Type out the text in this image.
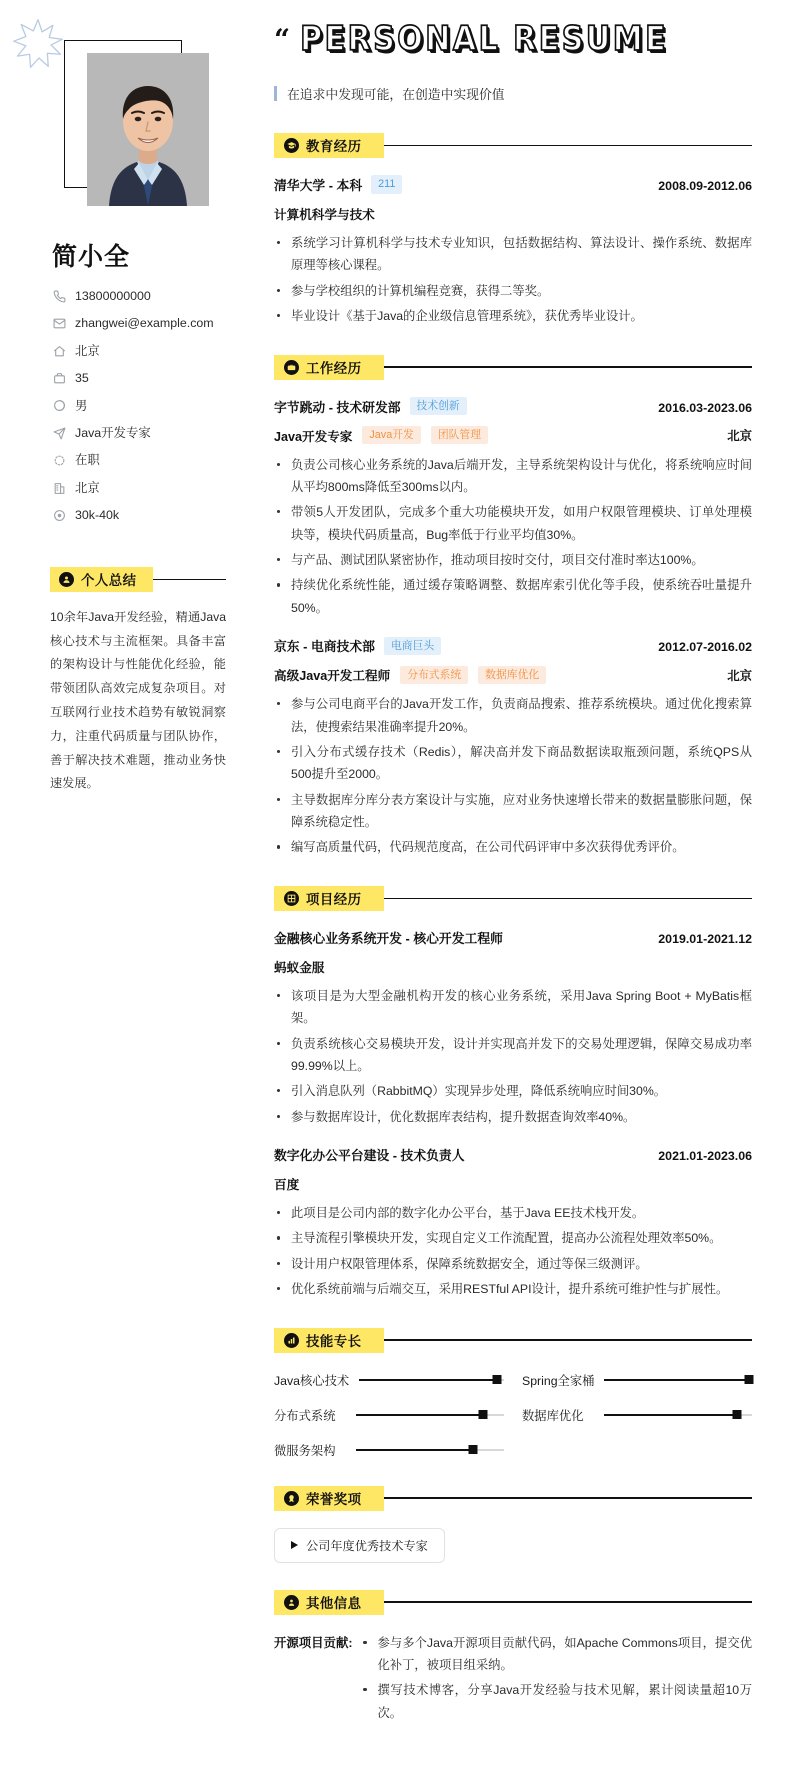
简小全
13800000000
zhangwei@example.com
北京
35
男
Java开发专家
在职
北京
30k-40k
个人总结

10余年Java开发经验，精通Java核心技术与主流框架。具备丰富的架构设计与性能优化经验，能带领团队高效完成复杂项目。对互联网行业技术趋势有敏锐洞察力，注重代码质量与团队协作，善于解决技术难题，推动业务快速发展。

“ PERSONAL RESUME
在追求中发现可能，在创造中实现价值
教育经历
清华大学 - 本科	211	2008.09-2012.06
计算机科学与技术
系统学习计算机科学与技术专业知识，包括数据结构、算法设计、操作系统、数据库原理等核心课程。
参与学校组织的计算机编程竞赛，获得二等奖。
毕业设计《基于Java的企业级信息管理系统》，获优秀毕业设计。
工作经历
字节跳动 - 技术研发部	技术创新	2016.03-2023.06
Java开发专家	Java开发	团队管理	北京
负责公司核心业务系统的Java后端开发，主导系统架构设计与优化，将系统响应时间从平均800ms降低至300ms以内。
带领5人开发团队，完成多个重大功能模块开发，如用户权限管理模块、订单处理模块等，模块代码质量高，Bug率低于行业平均值30%。
与产品、测试团队紧密协作，推动项目按时交付，项目交付准时率达100%。
持续优化系统性能，通过缓存策略调整、数据库索引优化等手段，使系统吞吐量提升50%。
京东 - 电商技术部	电商巨头	2012.07-2016.02
高级Java开发工程师	分布式系统	数据库优化	北京
参与公司电商平台的Java开发工作，负责商品搜索、推荐系统模块。通过优化搜索算法，使搜索结果准确率提升20%。
引入分布式缓存技术（Redis），解决高并发下商品数据读取瓶颈问题，系统QPS从500提升至2000。
主导数据库分库分表方案设计与实施，应对业务快速增长带来的数据量膨胀问题，保障系统稳定性。
编写高质量代码，代码规范度高，在公司代码评审中多次获得优秀评价。
项目经历
金融核心业务系统开发 - 核心开发工程师	2019.01-2021.12
蚂蚁金服
该项目是为大型金融机构开发的核心业务系统，采用Java Spring Boot + MyBatis框架。
负责系统核心交易模块开发，设计并实现高并发下的交易处理逻辑，保障交易成功率99.99%以上。
引入消息队列（RabbitMQ）实现异步处理，降低系统响应时间30%。
参与数据库设计，优化数据库表结构，提升数据查询效率40%。
数字化办公平台建设 - 技术负责人	2021.01-2023.06
百度
此项目是公司内部的数字化办公平台，基于Java EE技术栈开发。
主导流程引擎模块开发，实现自定义工作流配置，提高办公流程处理效率50%。
设计用户权限管理体系，保障系统数据安全，通过等保三级测评。
优化系统前端与后端交互，采用RESTful API设计，提升系统可维护性与扩展性。
技能专长
Java核心技术	Spring全家桶
分布式系统	数据库优化
微服务架构
荣誉奖项
公司年度优秀技术专家
其他信息
开源项目贡献:	参与多个Java开源项目贡献代码，如Apache Commons项目，提交优化补丁，被项目组采纳。
撰写技术博客，分享Java开发经验与技术见解，累计阅读量超10万次。
